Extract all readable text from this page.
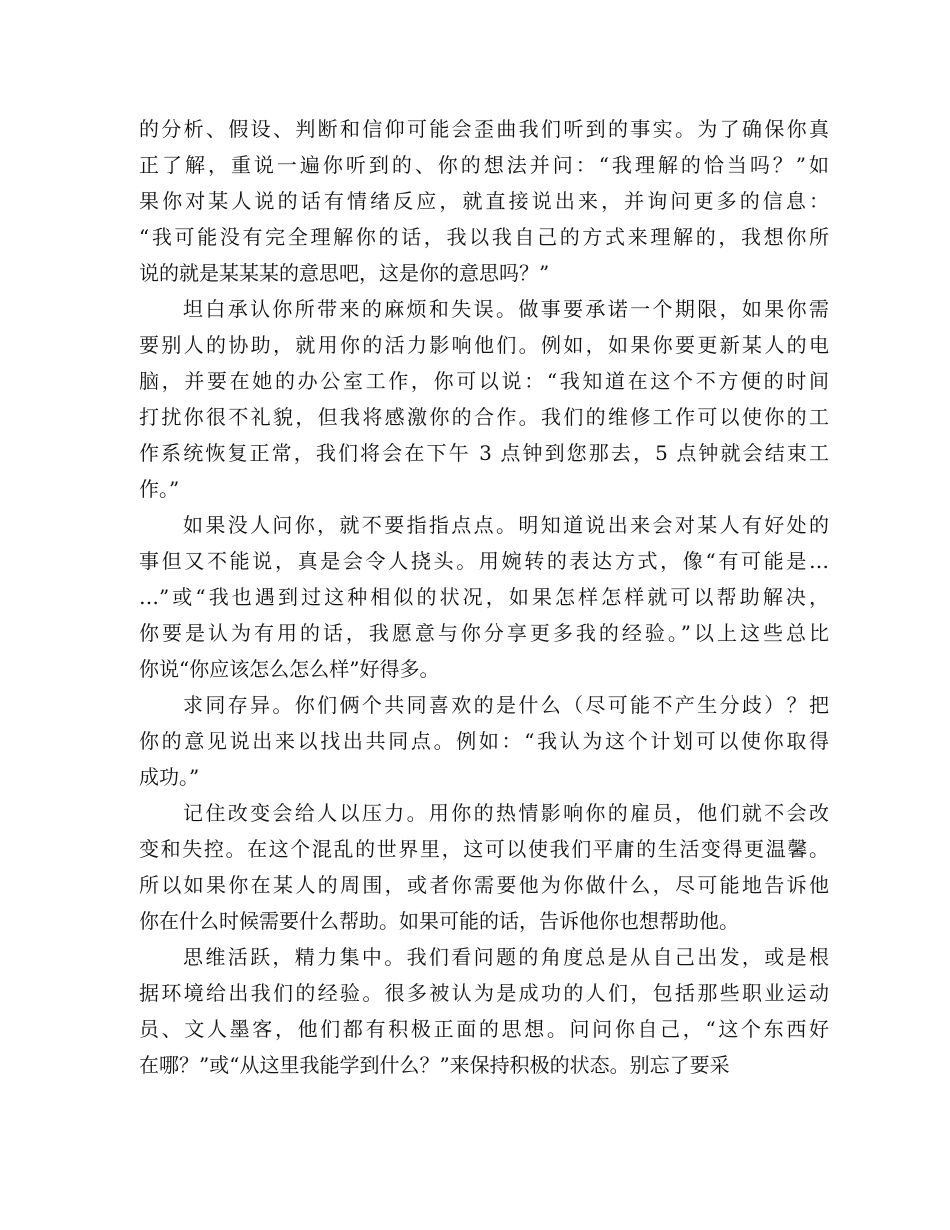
的分析、假设、判断和信仰可能会歪曲我们听到的事实。为了确保你真
正了解，重说一遍你听到的、你的想法并问：“我理解的恰当吗？”如
果你对某人说的话有情绪反应，就直接说出来，并询问更多的信息：
“我可能没有完全理解你的话，我以我自己的方式来理解的，我想你所
说的就是某某某的意思吧，这是你的意思吗？”
坦白承认你所带来的麻烦和失误。做事要承诺一个期限，如果你需
要别人的协助，就用你的活力影响他们。例如，如果你要更新某人的电
脑，并要在她的办公室工作，你可以说：“我知道在这个不方便的时间
打扰你很不礼貌，但我将感激你的合作。我们的维修工作可以使你的工
作系统恢复正常，我们将会在下午 3 点钟到您那去，5 点钟就会结束工
作。”
如果没人问你，就不要指指点点。明知道说出来会对某人有好处的
事但又不能说，真是会令人挠头。用婉转的表达方式，像“有可能是…
…”或“我也遇到过这种相似的状况，如果怎样怎样就可以帮助解决，
你要是认为有用的话，我愿意与你分享更多我的经验。”以上这些总比
你说“你应该怎么怎么样”好得多。
求同存异。你们俩个共同喜欢的是什么（尽可能不产生分歧）？把
你的意见说出来以找出共同点。例如：“我认为这个计划可以使你取得
成功。”
记住改变会给人以压力。用你的热情影响你的雇员，他们就不会改
变和失控。在这个混乱的世界里，这可以使我们平庸的生活变得更温馨。
所以如果你在某人的周围，或者你需要他为你做什么，尽可能地告诉他
你在什么时候需要什么帮助。如果可能的话，告诉他你也想帮助他。
思维活跃，精力集中。我们看问题的角度总是从自己出发，或是根
据环境给出我们的经验。很多被认为是成功的人们，包括那些职业运动
员、文人墨客，他们都有积极正面的思想。问问你自己，“这个东西好
在哪？”或“从这里我能学到什么？”来保持积极的状态。别忘了要采
